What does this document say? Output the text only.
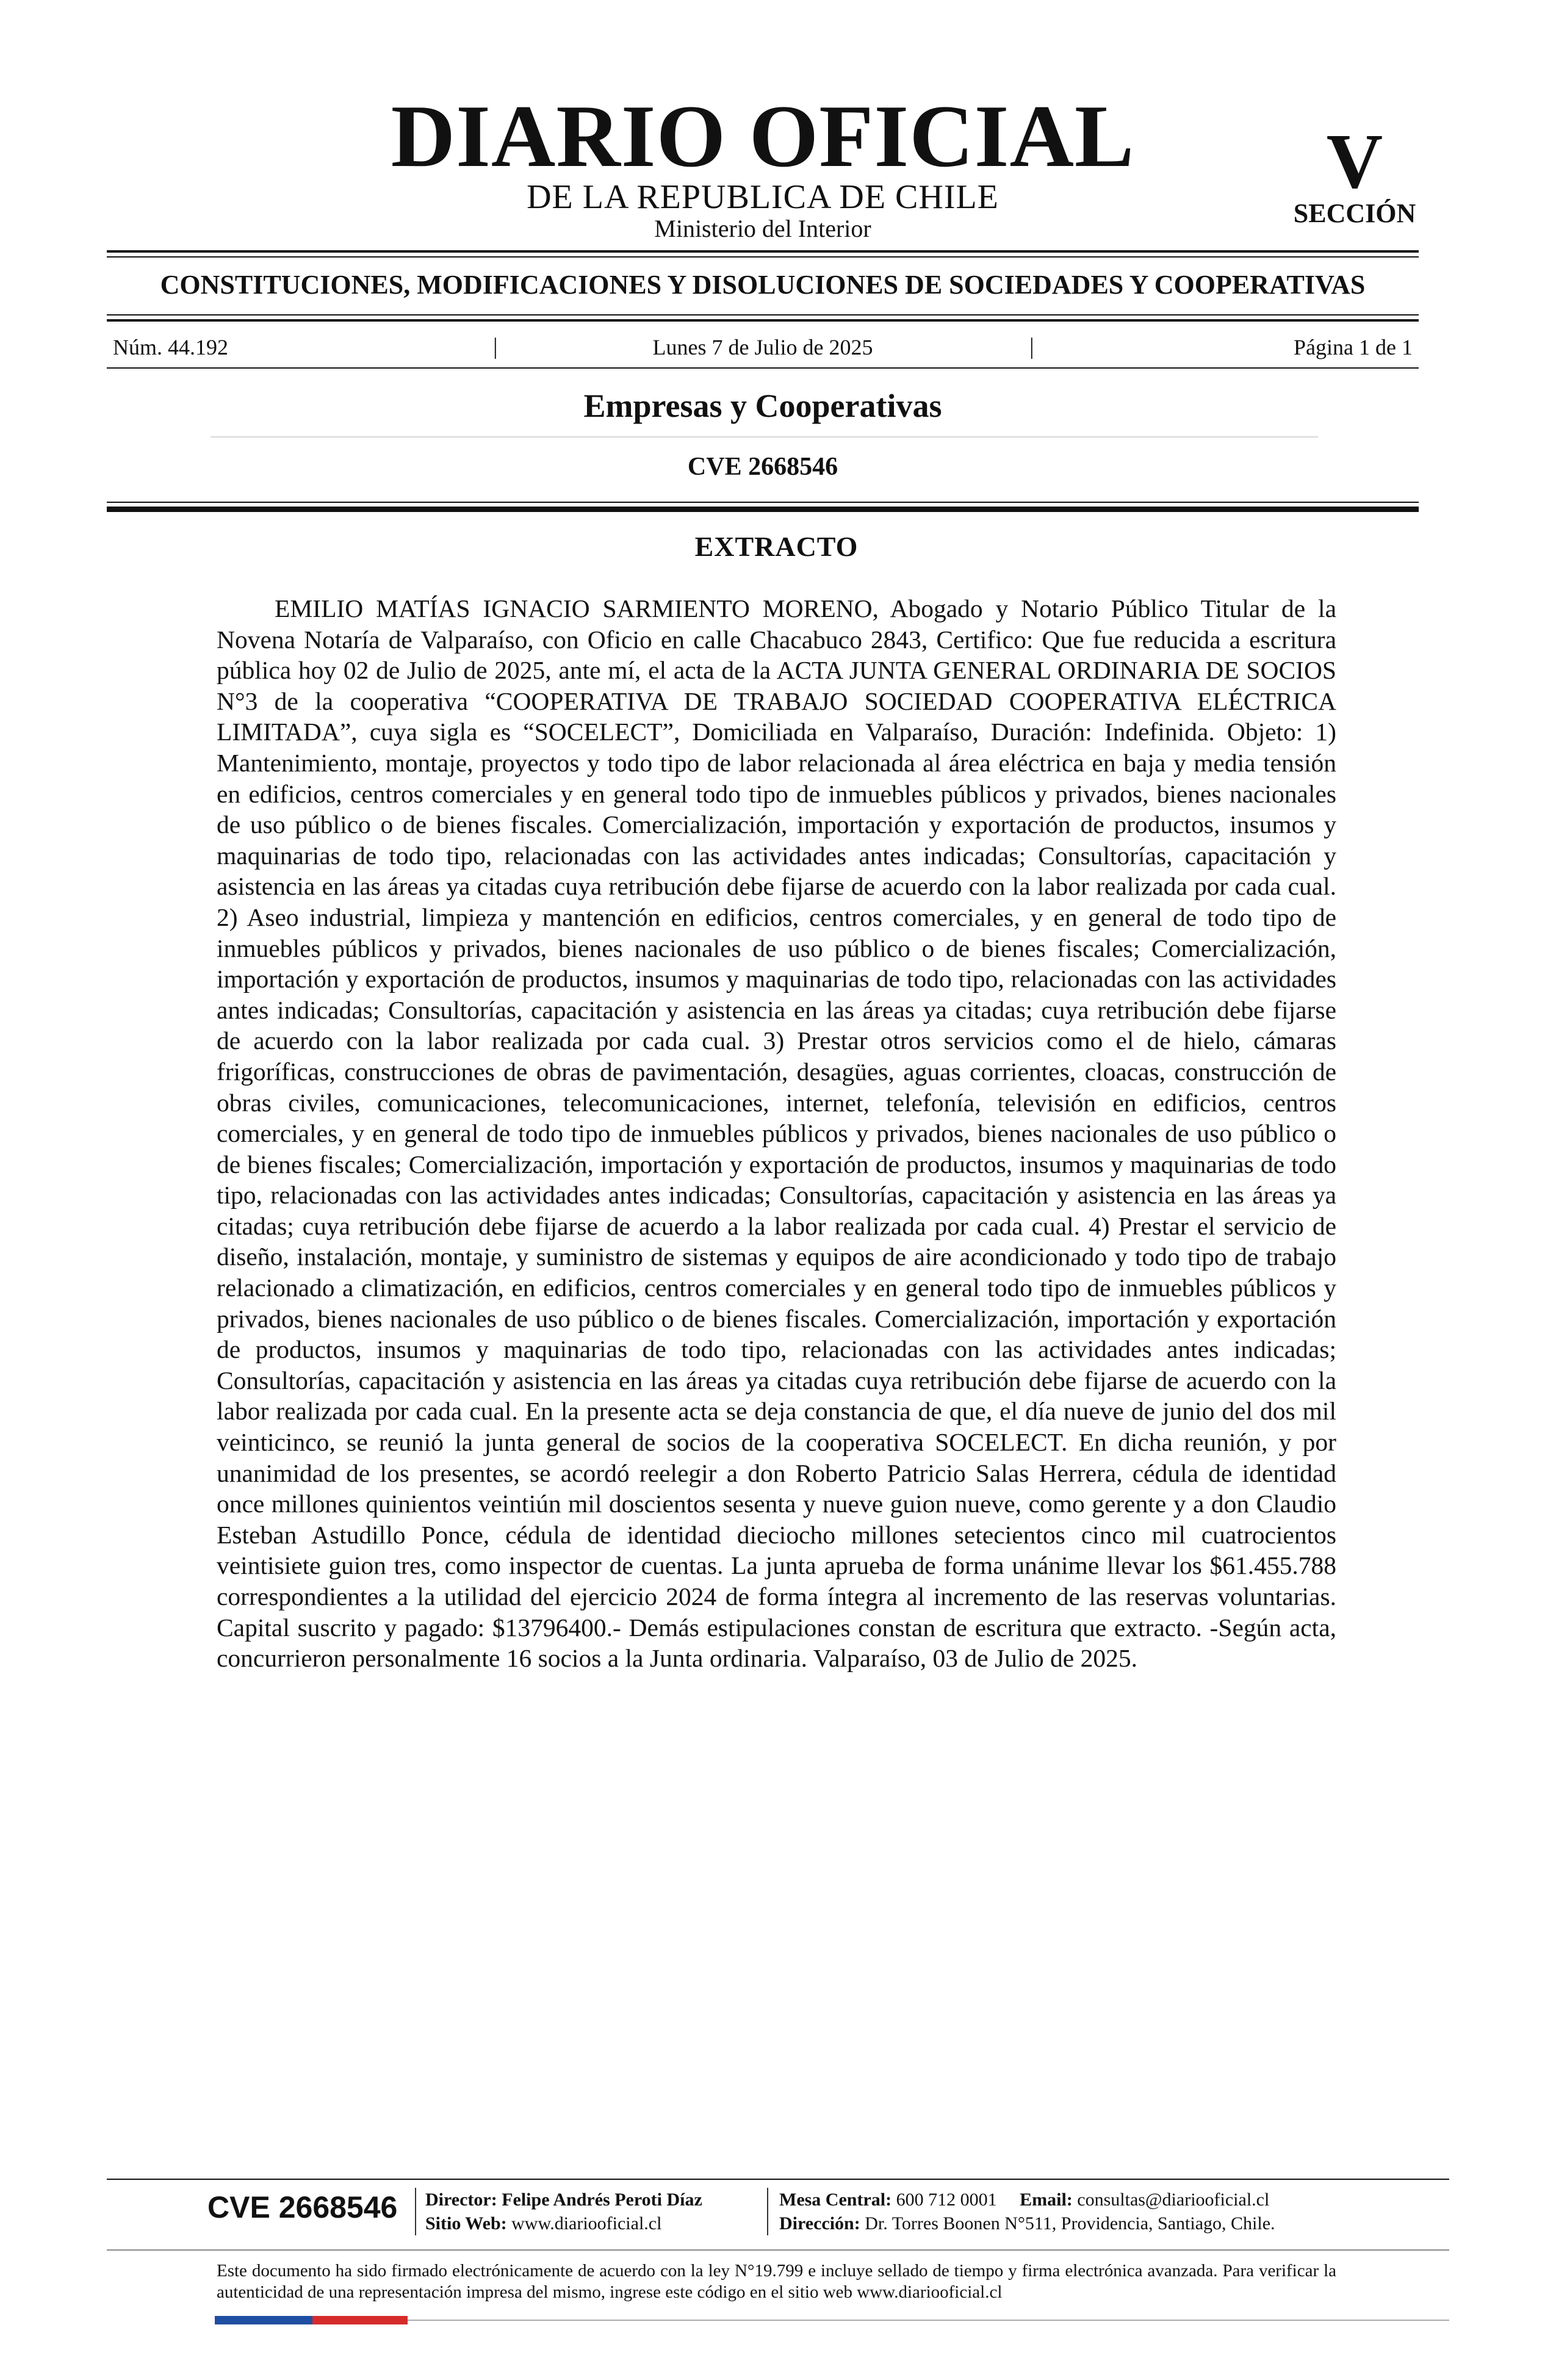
DIARIO OFICIAL
DE LA REPUBLICA DE CHILE
Ministerio del Interior
V
SECCIÓN
CONSTITUCIONES, MODIFICACIONES Y DISOLUCIONES DE SOCIEDADES Y COOPERATIVAS
Núm. 44.192	|	Lunes 7 de Julio de 2025	|	Página 1 de 1
Empresas y Cooperativas
CVE 2668546
EXTRACTO

EMILIO MATÍAS IGNACIO SARMIENTO MORENO, Abogado y Notario Público Titular de la Novena Notaría de Valparaíso, con Oficio en calle Chacabuco 2843, Certifico: Que fue reducida a escritura pública hoy 02 de Julio de 2025, ante mí, el acta de la ACTA JUNTA GENERAL ORDINARIA DE SOCIOS N°3 de la cooperativa “COOPERATIVA DE TRABAJO SOCIEDAD COOPERATIVA ELÉCTRICA LIMITADA”, cuya sigla es “SOCELECT”, Domiciliada en Valparaíso, Duración: Indefinida. Objeto: 1) Mantenimiento, montaje, proyectos y todo tipo de labor relacionada al área eléctrica en baja y media tensión en edificios, centros comerciales y en general todo tipo de inmuebles públicos y privados, bienes nacionales de uso público o de bienes fiscales. Comercialización, importación y exportación de productos, insumos y maquinarias de todo tipo, relacionadas con las actividades antes indicadas; Consultorías, capacitación y asistencia en las áreas ya citadas cuya retribución debe fijarse de acuerdo con la labor realizada por cada cual. 2) Aseo industrial, limpieza y mantención en edificios, centros comerciales, y en general de todo tipo de inmuebles públicos y privados, bienes nacionales de uso público o de bienes fiscales; Comercialización, importación y exportación de productos, insumos y maquinarias de todo tipo, relacionadas con las actividades antes indicadas; Consultorías, capacitación y asistencia en las áreas ya citadas; cuya retribución debe fijarse de acuerdo con la labor realizada por cada cual. 3) Prestar otros servicios como el de hielo, cámaras frigoríficas, construcciones de obras de pavimentación, desagües, aguas corrientes, cloacas, construcción de obras civiles, comunicaciones, telecomunicaciones, internet, telefonía, televisión en edificios, centros comerciales, y en general de todo tipo de inmuebles públicos y privados, bienes nacionales de uso público o de bienes fiscales; Comercialización, importación y exportación de productos, insumos y maquinarias de todo tipo, relacionadas con las actividades antes indicadas; Consultorías, capacitación y asistencia en las áreas ya citadas; cuya retribución debe fijarse de acuerdo a la labor realizada por cada cual. 4) Prestar el servicio de diseño, instalación, montaje, y suministro de sistemas y equipos de aire acondicionado y todo tipo de trabajo relacionado a climatización, en edificios, centros comerciales y en general todo tipo de inmuebles públicos y privados, bienes nacionales de uso público o de bienes fiscales. Comercialización, importación y exportación de productos, insumos y maquinarias de todo tipo, relacionadas con las actividades antes indicadas; Consultorías, capacitación y asistencia en las áreas ya citadas cuya retribución debe fijarse de acuerdo con la labor realizada por cada cual. En la presente acta se deja constancia de que, el día nueve de junio del dos mil veinticinco, se reunió la junta general de socios de la cooperativa SOCELECT. En dicha reunión, y por unanimidad de los presentes, se acordó reelegir a don Roberto Patricio Salas Herrera, cédula de identidad once millones quinientos veintiún mil doscientos sesenta y nueve guion nueve, como gerente y a don Claudio Esteban Astudillo Ponce, cédula de identidad dieciocho millones setecientos cinco mil cuatrocientos veintisiete guion tres, como inspector de cuentas. La junta aprueba de forma unánime llevar los $61.455.788 correspondientes a la utilidad del ejercicio 2024 de forma íntegra al incremento de las reservas voluntarias. Capital suscrito y pagado: $13796400.- Demás estipulaciones constan de escritura que extracto. -Según acta, concurrieron personalmente 16 socios a la Junta ordinaria. Valparaíso, 03 de Julio de 2025.

CVE 2668546 Director: Felipe Andrés Peroti Díaz
Sitio Web: www.diariooficial.cl
Mesa Central: 600 712 0001 Email: consultas@diariooficial.cl
Dirección: Dr. Torres Boonen N°511, Providencia, Santiago, Chile.

Este documento ha sido firmado electrónicamente de acuerdo con la ley N°19.799 e incluye sellado de tiempo y firma electrónica avanzada. Para verificar la autenticidad de una representación impresa del mismo, ingrese este código en el sitio web www.diariooficial.cl
